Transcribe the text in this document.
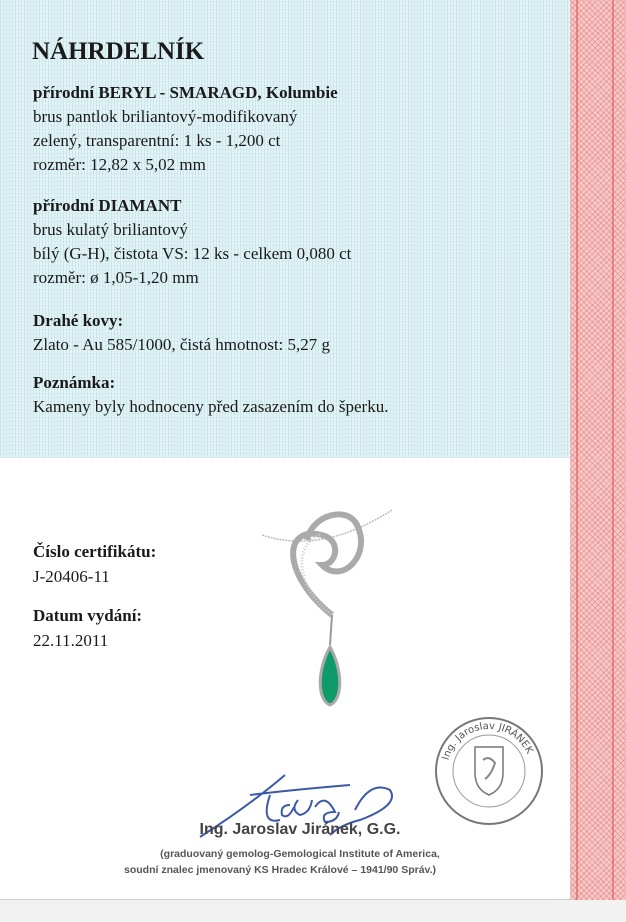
NÁHRDELNÍK
přírodní BERYL - SMARAGD, Kolumbie
brus pantlok briliantový-modifikovaný
zelený, transparentní: 1 ks - 1,200 ct
rozměr: 12,82 x 5,02 mm
přírodní DIAMANT
brus kulatý briliantový
bílý (G-H), čistota VS: 12 ks - celkem 0,080 ct
rozměr: ø 1,05-1,20 mm
Drahé kovy:
Zlato - Au 585/1000, čistá hmotnost: 5,27 g
Poznámka:
Kameny byly hodnoceny před zasazením do šperku.
Číslo certifikátu:
J-20406-11
Datum vydání:
22.11.2011
Ing. Jaroslav JIRÁNEK
Ing. Jaroslav Jiránek, G.G.
(graduovaný gemolog-Gemological Institute of America,
soudní znalec jmenovaný KS Hradec Králové – 1941/90 Správ.)
